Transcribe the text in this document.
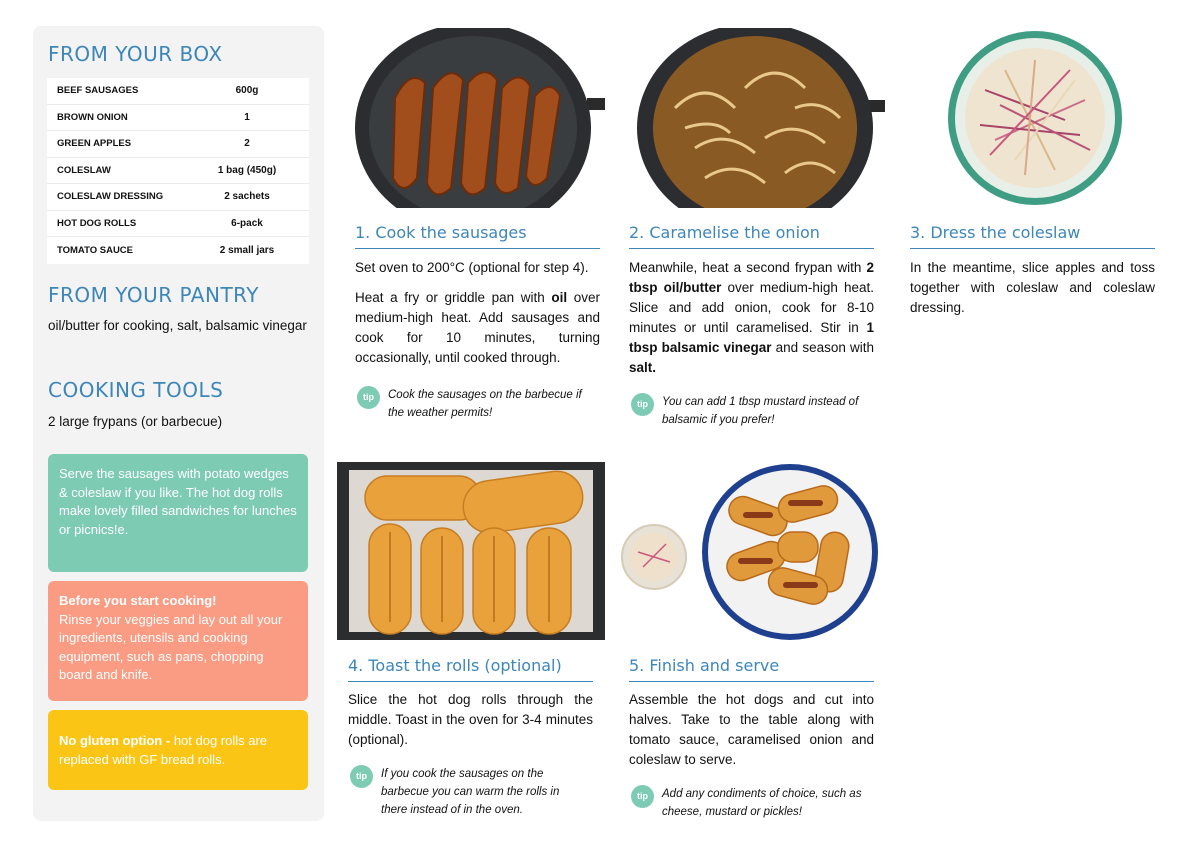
FROM YOUR BOX
BEEF SAUSAGES	600g
BROWN ONION	1
GREEN APPLES	2
COLESLAW	1 bag (450g)
COLESLAW DRESSING	2 sachets
HOT DOG ROLLS	6-pack
TOMATO SAUCE	2 small jars
FROM YOUR PANTRY
oil/butter for cooking, salt, balsamic vinegar
COOKING TOOLS
2 large frypans (or barbecue)
Serve the sausages with potato wedges & coleslaw if you like. The hot dog rolls make lovely filled sandwiches for lunches or picnics!e.
Before you start cooking!
Rinse your veggies and lay out all your ingredients, utensils and cooking equipment, such as pans, chopping board and knife.
No gluten option - hot dog rolls are replaced with GF bread rolls.
1. Cook the sausages

Set oven to 200°C (optional for step 4).

Heat a fry or griddle pan with oil over medium-high heat. Add sausages and cook for 10 minutes, turning occasionally, until cooked through.

tip	Cook the sausages on the barbecue if the weather permits!
2. Caramelise the onion

Meanwhile, heat a second frypan with 2 tbsp oil/butter over medium-high heat. Slice and add onion, cook for 8-10 minutes or until caramelised. Stir in 1 tbsp balsamic vinegar and season with salt.

tip	You can add 1 tbsp mustard instead of balsamic if you prefer!
3. Dress the coleslaw

In the meantime, slice apples and toss together with coleslaw and coleslaw dressing.

4. Toast the rolls (optional)

Slice the hot dog rolls through the middle. Toast in the oven for 3-4 minutes (optional).

tip	If you cook the sausages on the barbecue you can warm the rolls in there instead of in the oven.
5. Finish and serve

Assemble the hot dogs and cut into halves. Take to the table along with tomato sauce, caramelised onion and coleslaw to serve.

tip	Add any condiments of choice, such as cheese, mustard or pickles!
